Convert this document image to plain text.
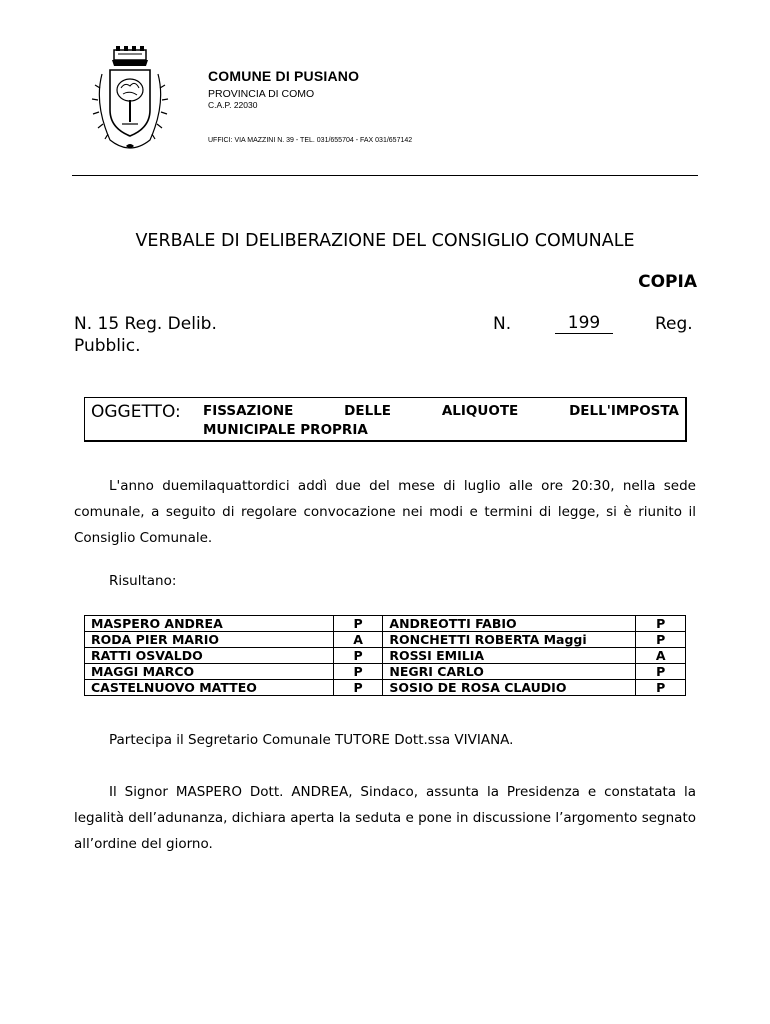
COMUNE DI PUSIANO
PROVINCIA DI COMO
C.A.P. 22030
UFFICI: VIA MAZZINI N. 39 - TEL. 031/655704 - FAX 031/657142
VERBALE DI DELIBERAZIONE DEL CONSIGLIO COMUNALE
COPIA
N. 15 Reg. Delib.
Pubblic.
N.	199	Reg.
OGGETTO: FISSAZIONE DELLE ALIQUOTE DELL'IMPOSTA
MUNICIPALE PROPRIA
L'anno duemilaquattordici addì due del mese di luglio alle ore 20:30, nella sede comunale, a seguito di regolare convocazione nei modi e termini di legge, si è riunito il Consiglio Comunale.
Risultano:
MASPERO ANDREA	P	ANDREOTTI FABIO	P
RODA PIER MARIO	A	RONCHETTI ROBERTA Maggi	P
RATTI OSVALDO	P	ROSSI EMILIA	A
MAGGI MARCO	P	NEGRI CARLO	P
CASTELNUOVO MATTEO	P	SOSIO DE ROSA CLAUDIO	P
Partecipa il Segretario Comunale TUTORE Dott.ssa VIVIANA.
Il Signor MASPERO Dott. ANDREA, Sindaco, assunta la Presidenza e constatata la legalità dell’adunanza, dichiara aperta la seduta e pone in discussione l’argomento segnato all’ordine del giorno.
